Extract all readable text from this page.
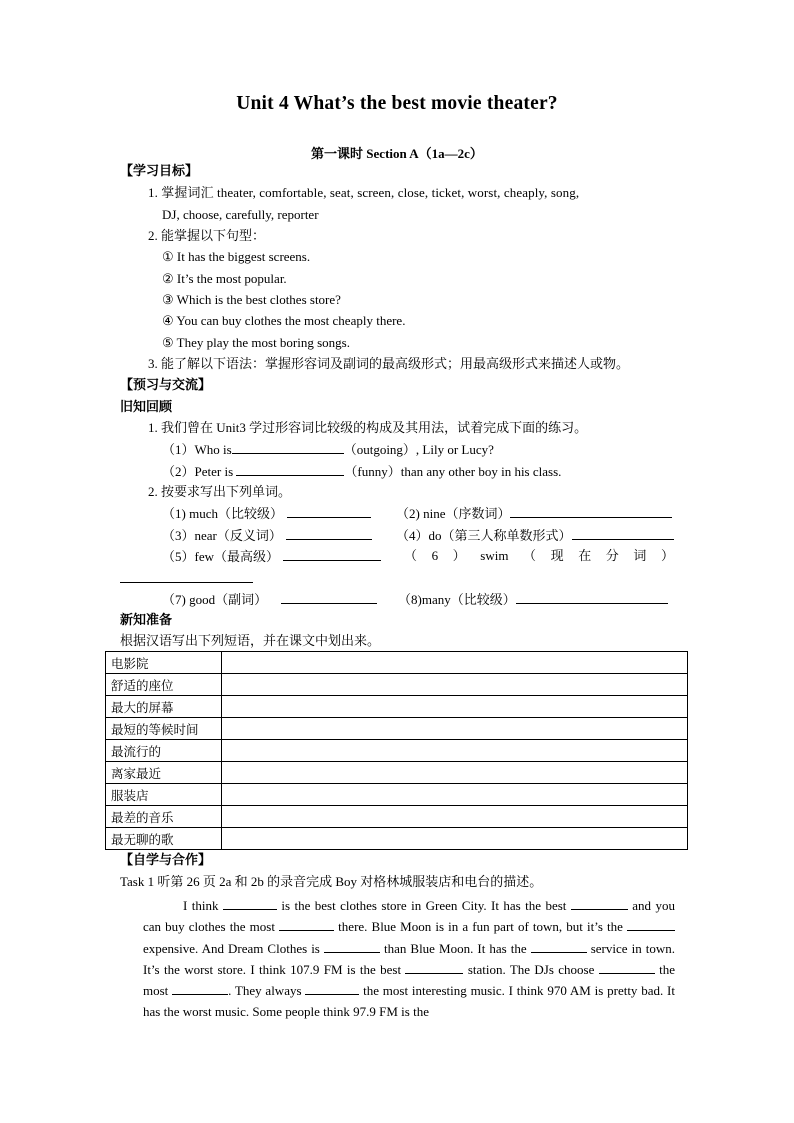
Unit 4 What’s the best movie theater?
第一课时 Section A（1a—2c）
【学习目标】
1. 掌握词汇 theater, comfortable, seat, screen, close, ticket, worst, cheaply, song,
DJ, choose, carefully, reporter
2. 能掌握以下句型：
① It has the biggest screens.
② It’s the most popular.
③ Which is the best clothes store?
④ You can buy clothes the most cheaply there.
⑤ They play the most boring songs.
3. 能了解以下语法：掌握形容词及副词的最高级形式；用最高级形式来描述人或物。
【预习与交流】
旧知回顾
1. 我们曾在 Unit3 学过形容词比较级的构成及其用法，试着完成下面的练习。
（1）Who is	（outgoing）, Lily or Lucy?
（2）Peter is	（funny）than any other boy in his class.
2. 按要求写出下列单词。
（1) much（比较级）	（2) nine（序数词）
（3）near（反义词）	（4）do（第三人称单数形式）
（5）few（最高级）	（ 6 ） swim （ 现 在 分 词 ）
（7) good（副词）	（8)many（比较级）
新知准备
根据汉语写出下列短语，并在课文中划出来。
电影院	
舒适的座位	
最大的屏幕	
最短的等候时间	
最流行的	
离家最近	
服装店	
最差的音乐	
最无聊的歌	
【自学与合作】
Task 1 听第 26 页 2a 和 2b 的录音完成 Boy 对格林城服装店和电台的描述。
I think	is the best clothes store in Green City. It has the best	and you can buy clothes the most	there. Blue Moon is in a fun part of town, but it’s the  expensive. And Dream Clothes is	than Blue Moon. It has the	service in town. It’s the worst store. I think 107.9 FM is the best	station. The DJs choose	the most	. They always	the most interesting music. I think 970 AM is pretty bad. It has the worst music. Some people think 97.9 FM is the
